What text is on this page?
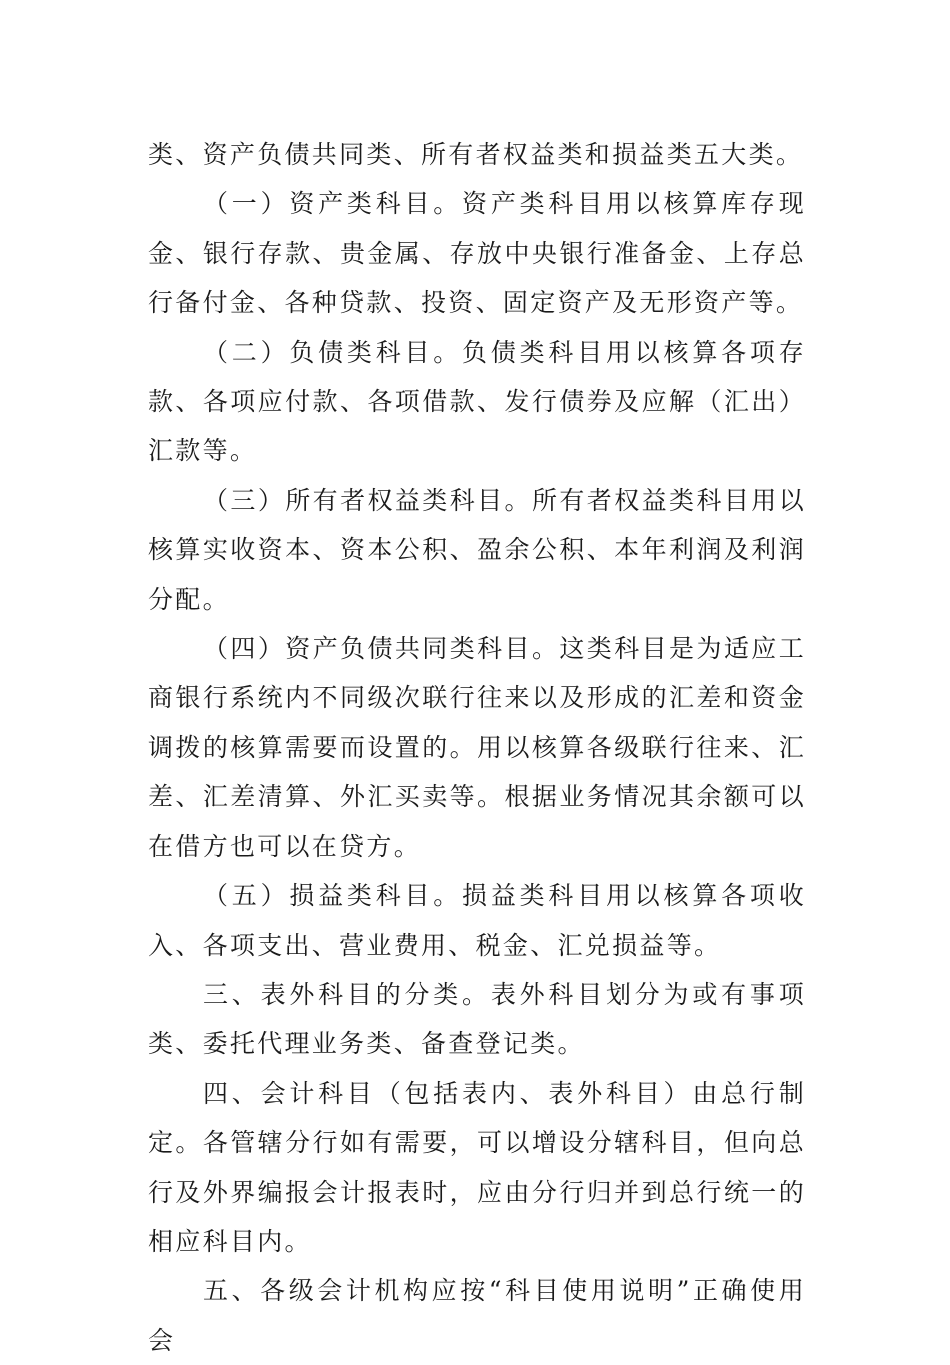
类、资产负债共同类、所有者权益类和损益类五大类。

（一）资产类科目。资产类科目用以核算库存现金、银行存款、贵金属、存放中央银行准备金、上存总行备付金、各种贷款、投资、固定资产及无形资产等。

（二）负债类科目。负债类科目用以核算各项存款、各项应付款、各项借款、发行债券及应解（汇出）汇款等。

（三）所有者权益类科目。所有者权益类科目用以核算实收资本、资本公积、盈余公积、本年利润及利润分配。

（四）资产负债共同类科目。这类科目是为适应工商银行系统内不同级次联行往来以及形成的汇差和资金调拨的核算需要而设置的。用以核算各级联行往来、汇差、汇差清算、外汇买卖等。根据业务情况其余额可以在借方也可以在贷方。

（五）损益类科目。损益类科目用以核算各项收入、各项支出、营业费用、税金、汇兑损益等。

三、表外科目的分类。表外科目划分为或有事项类、委托代理业务类、备查登记类。

四、会计科目（包括表内、表外科目）由总行制定。各管辖分行如有需要，可以增设分辖科目，但向总行及外界编报会计报表时，应由分行归并到总行统一的相应科目内。

五、各级会计机构应按“科目使用说明”正确使用会
